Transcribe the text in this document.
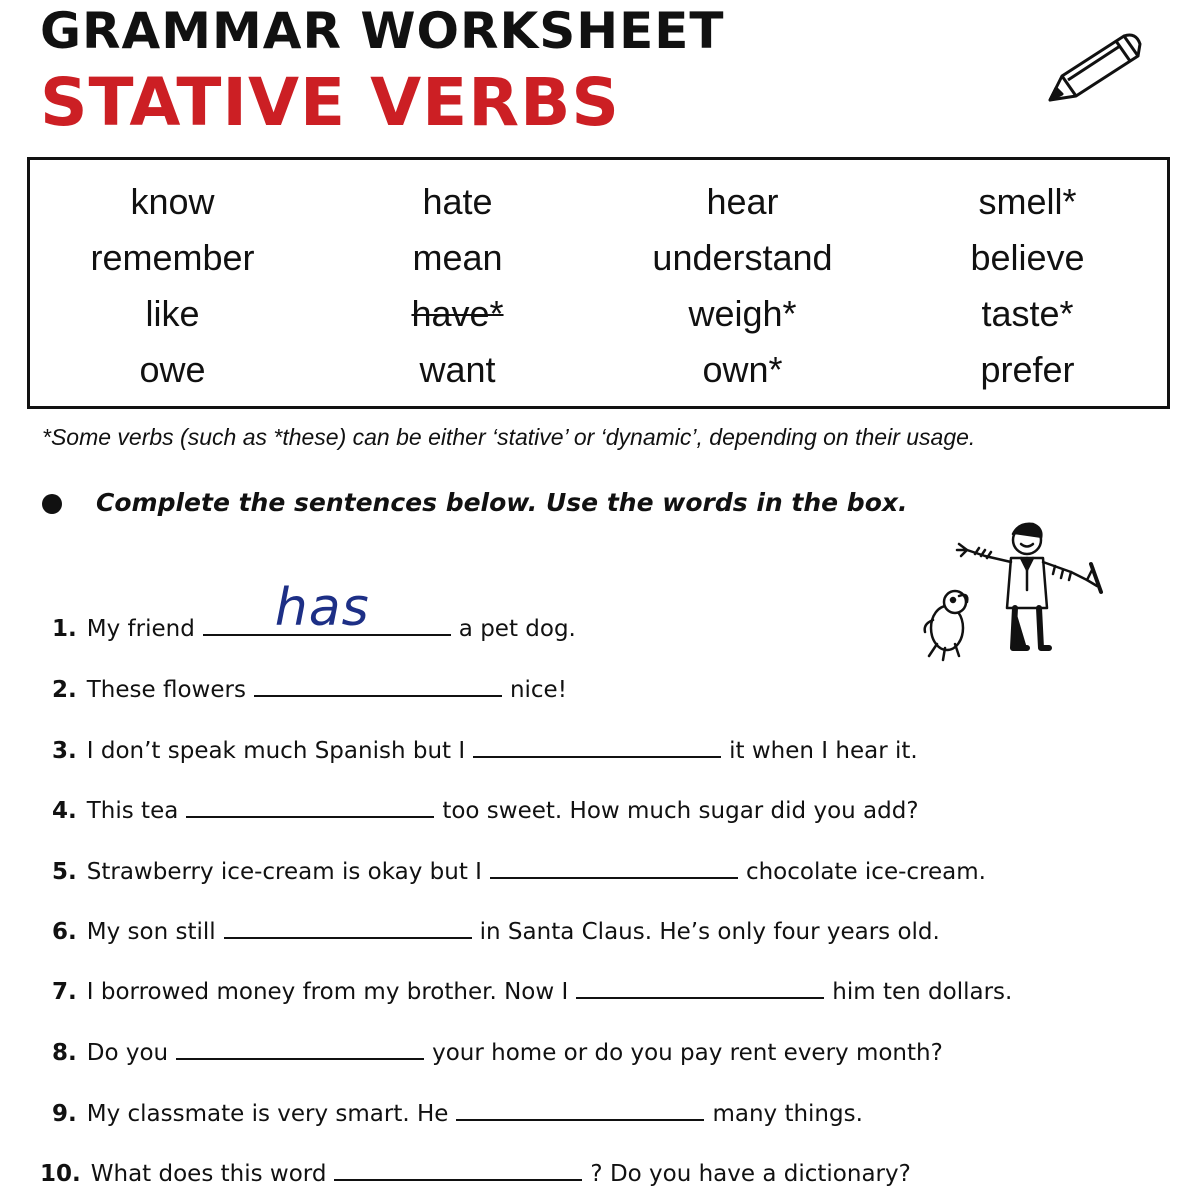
GRAMMAR WORKSHEET
STATIVE VERBS
know	hate	hear	smell*
remember	mean	understand	believe
like	have*	weigh*	taste*
owe	want	own*	prefer
*Some verbs (such as *these) can be either ‘stative’ or ‘dynamic’, depending on their usage.
Complete the sentences below. Use the words in the box.
1. My friend has	a pet dog.
2. These flowers	nice!
3. I don’t speak much Spanish but I	it when I hear it.
4. This tea	too sweet. How much sugar did you add?
5. Strawberry ice-cream is okay but I	chocolate ice-cream.
6. My son still	in Santa Claus. He’s only four years old.
7. I borrowed money from my brother. Now I	him ten dollars.
8. Do you	your home or do you pay rent every month?
9. My classmate is very smart. He	many things.
10. What does this word	? Do you have a dictionary?
